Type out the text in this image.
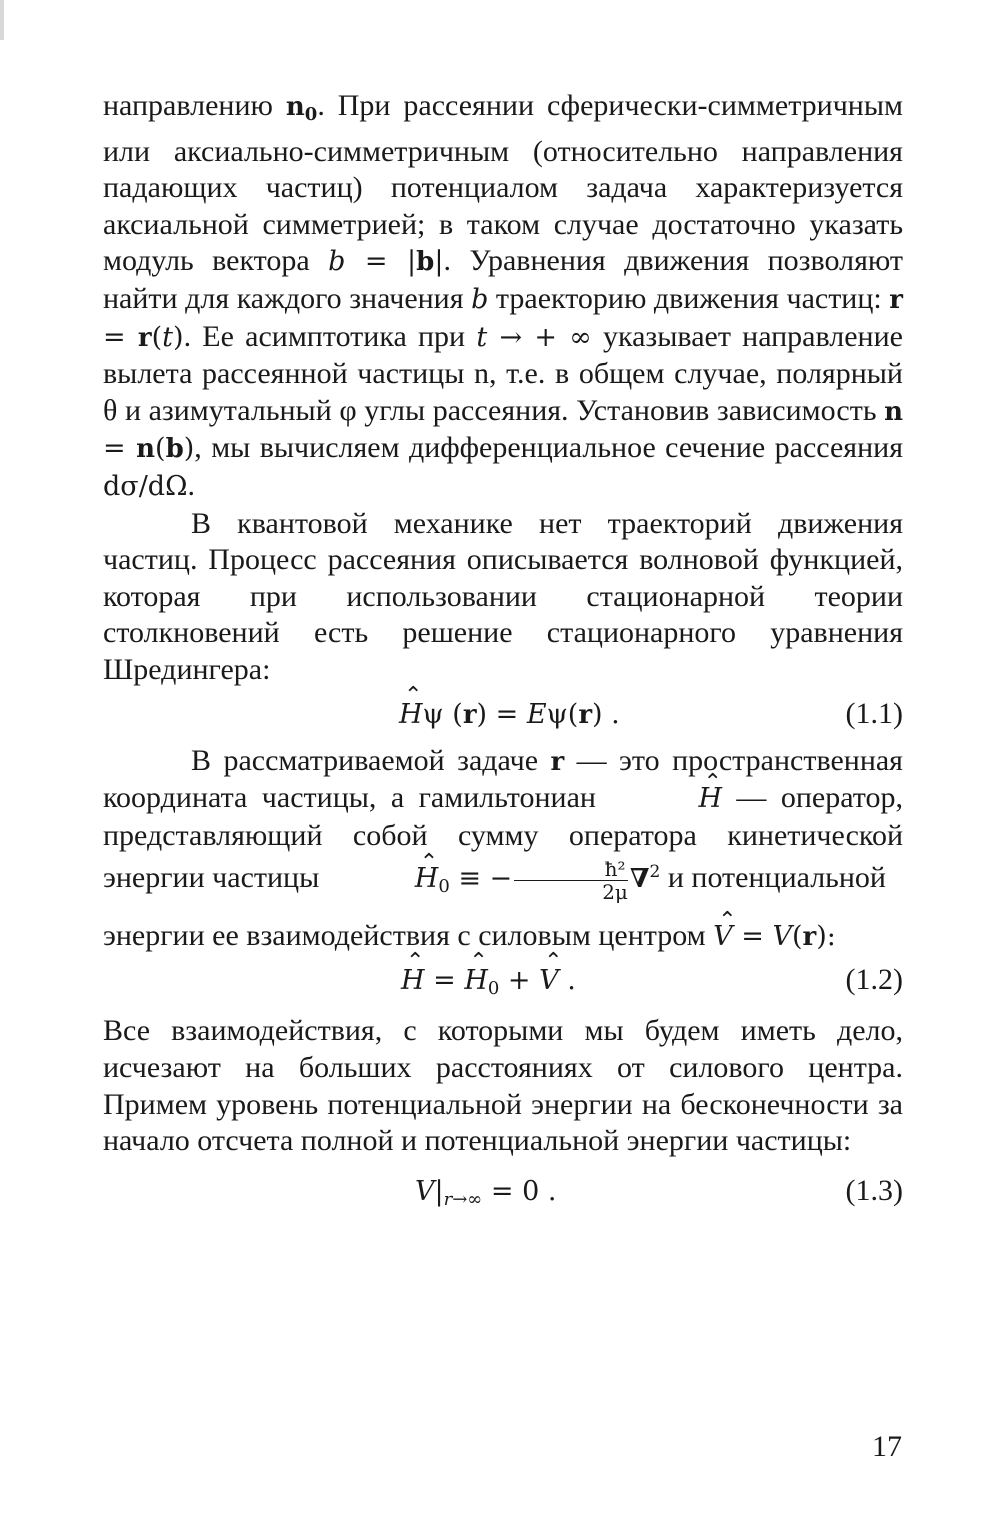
направлению $n_0$. При рассеянии сферически-симметричным или аксиально-симметричным (относительно направления падающих частиц) потенциалом задача характеризуется аксиальной симметрией; в таком случае достаточно указать модуль вектора b = |b|. Уравнения движения позволяют найти для каждого значения b траекторию движения частиц: r = r(t). Ее асимптотика при t → + ∞ указывает направление вылета рассеянной частицы n, т.е. в общем случае, полярный θ и азимутальный φ углы рассеяния. Установив зависимость n = n(b), мы вычисляем дифференциальное сечение рассеяния dσ/dΩ.

В квантовой механике нет траекторий движения частиц. Процесс рассеяния описывается волновой функцией, которая при использовании стационарной теории столкновений есть решение стационарного уравнения Шредингера:

⌃ Hψ (r) = Eψ(r) .	(1.1)

В рассматриваемой задаче r — это пространственная координата частицы, а гамильтониан	⌃ H — оператор, представляющий собой сумму оператора кинетической энергии частицы	⌃ $H_0$ ≡ − $\frac{\text{ħ²}}{2\mu} \nabla^2$ и потенциальной

энергии ее взаимодействия с силовым центром ⌃ V = V(r):

⌃ H = ⌃ $H_0$ + ⌃ V .	(1.2)

Все взаимодействия, с которыми мы будем иметь дело, исчезают на больших расстояниях от силового центра. Примем уровень потенциальной энергии на бесконечности за начало отсчета полной и потенциальной энергии частицы:

$V|_{r\to\infty} = 0$ .	(1.3)
17
